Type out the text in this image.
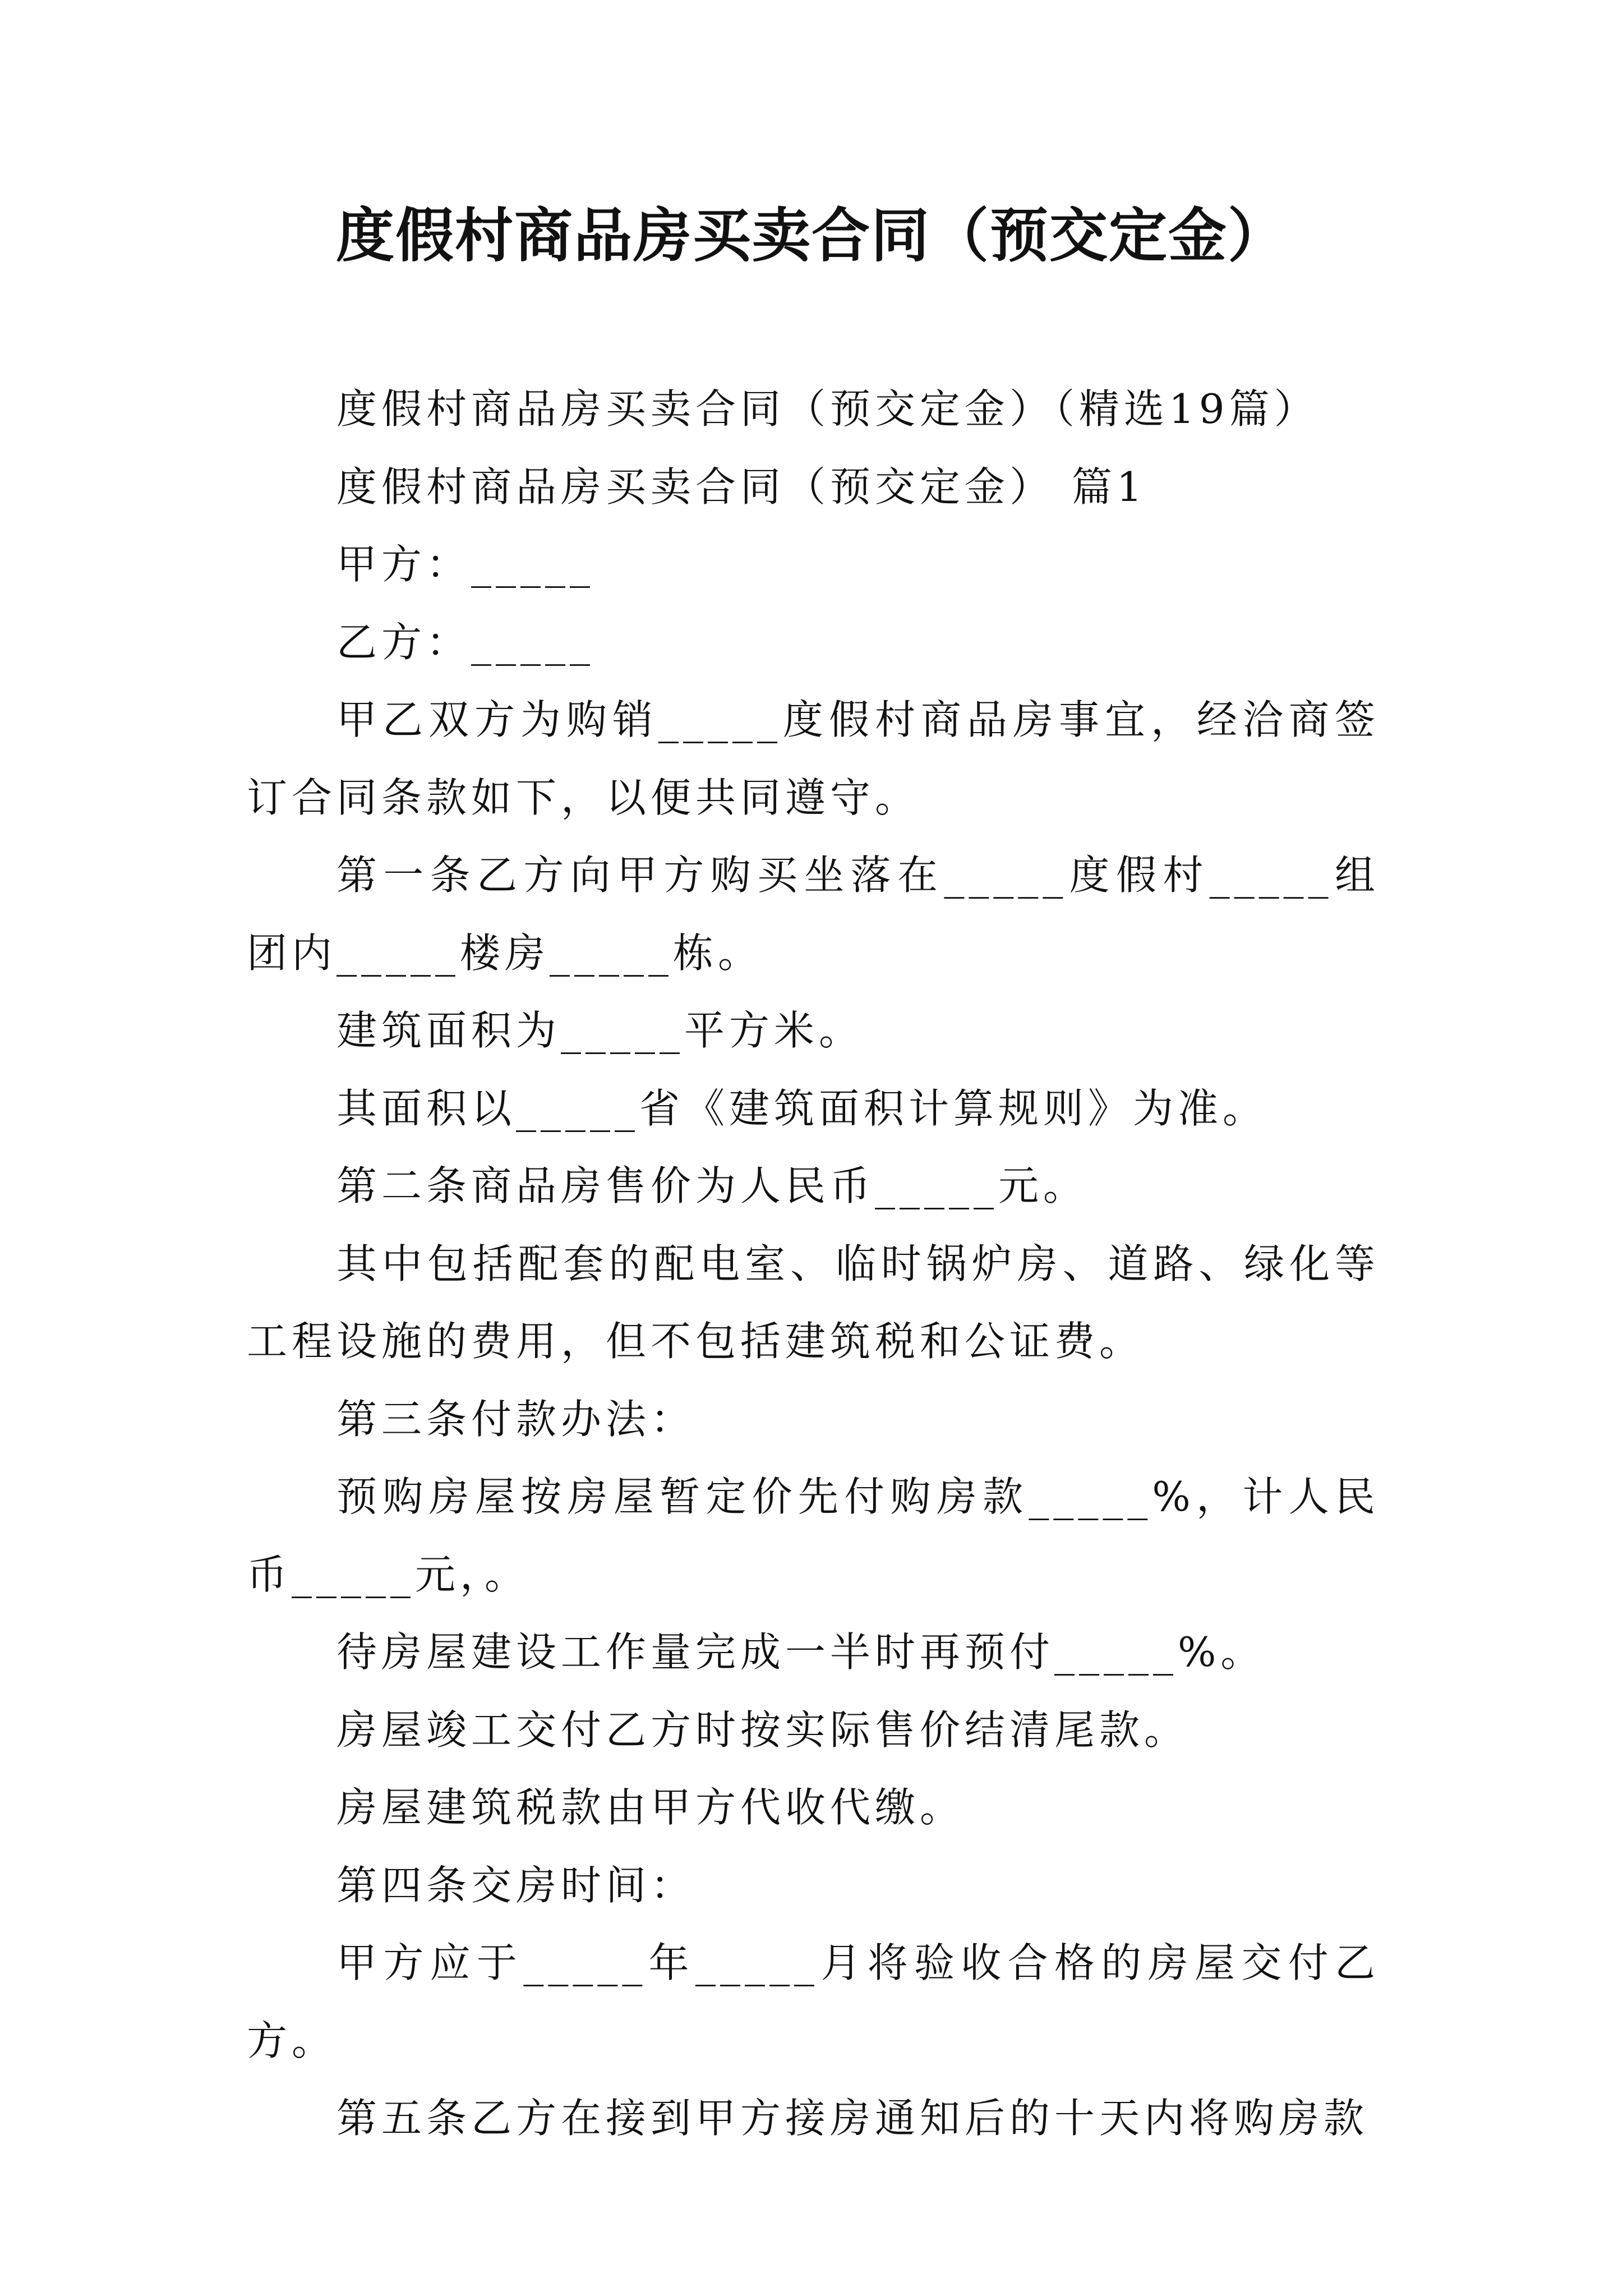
度假村商品房买卖合同（预交定金）

度假村商品房买卖合同（预交定金）（精选19篇）

度假村商品房买卖合同（预交定金） 篇1

甲方：_____

乙方：_____

甲乙双方为购销_____度假村商品房事宜，经洽商签订合同条款如下，以便共同遵守。

第一条乙方向甲方购买坐落在_____度假村_____组团内_____楼房_____栋。

建筑面积为_____平方米。

其面积以_____省《建筑面积计算规则》为准。

第二条商品房售价为人民币_____元。

其中包括配套的配电室、临时锅炉房、道路、绿化等工程设施的费用，但不包括建筑税和公证费。

第三条付款办法：

预购房屋按房屋暂定价先付购房款_____%，计人民币_____元，。

待房屋建设工作量完成一半时再预付_____%。

房屋竣工交付乙方时按实际售价结清尾款。

房屋建筑税款由甲方代收代缴。

第四条交房时间：

甲方应于_____年_____月将验收合格的房屋交付乙方。

第五条乙方在接到甲方接房通知后的十天内将购房款
